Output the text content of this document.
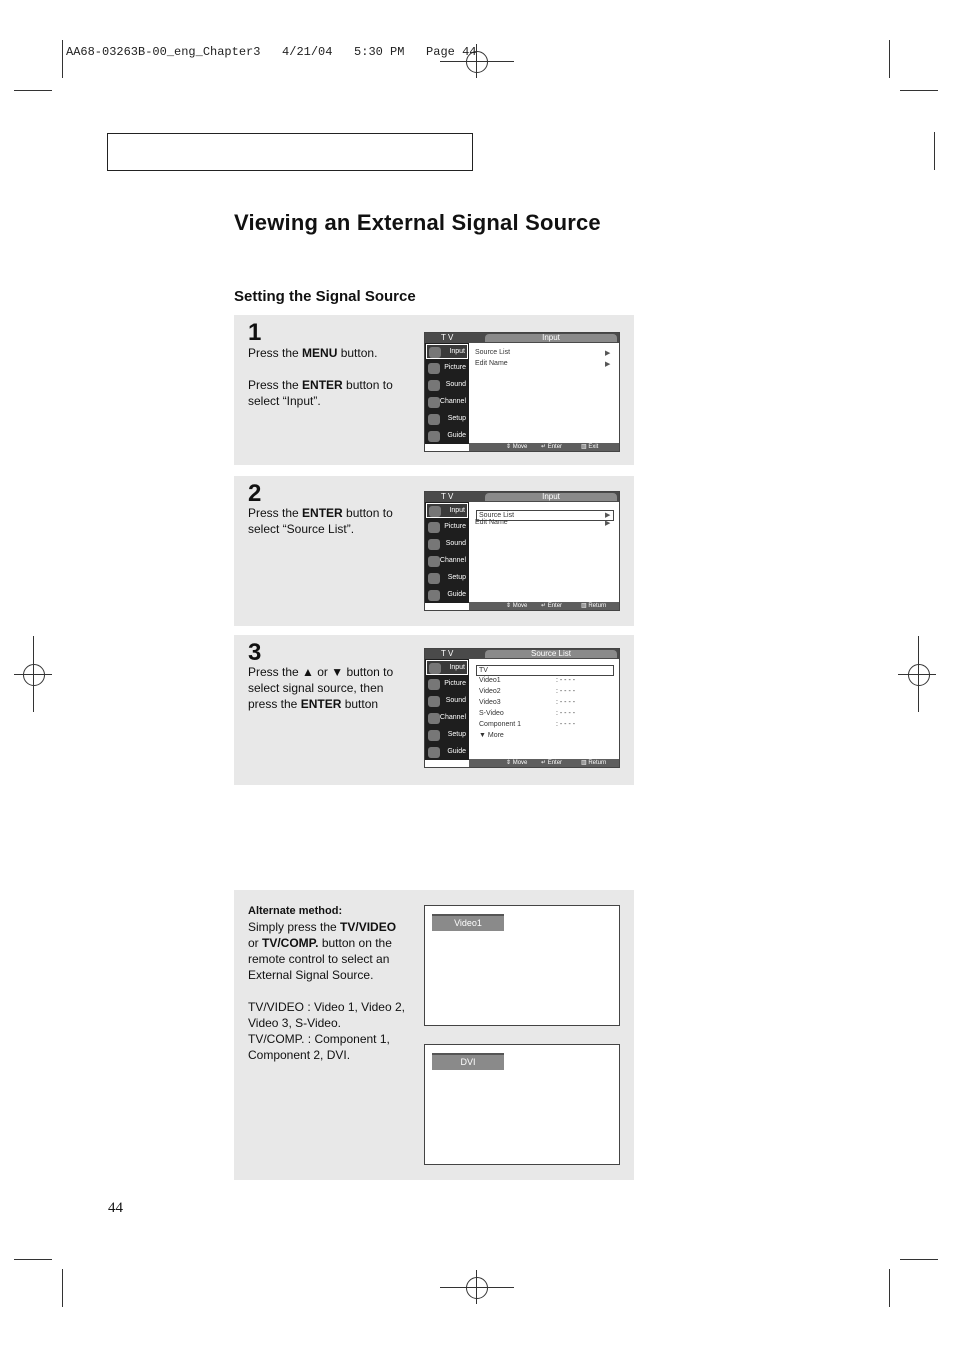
AA68-03263B-00_eng_Chapter3   4/21/04   5:30 PM   Page 44
Viewing an External Signal Source
Setting the Signal Source
1

Press the MENU button.

Press the ENTER button to

select “Input”.

T V	Input
Input
Picture
Sound
Channel
Setup
Guide
Source List	▶
Edit Name	▶
⇕ Move ↵ Enter	▥ Exit
2

Press the ENTER button to

select “Source List”.

T V	Input
Input
Picture
Sound
Channel
Setup
Guide
Source List	▶
Edit Name	▶
⇕ Move ↵ Enter	▥ Return
3

Press the ▲ or ▼ button to

select signal source, then

press the ENTER button

T V	Source List
Input
Picture
Sound
Channel
Setup
Guide
TV
Video1	: - - - -
Video2	: - - - -
Video3	: - - - -
S-Video	: - - - -
Component 1	: - - - -
▼ More
⇕ Move ↵ Enter	▥ Return

Alternate method:

Simply press the TV/VIDEO

or TV/COMP. button on the

remote control to select an

External Signal Source.

TV/VIDEO : Video 1, Video 2,

Video 3, S-Video.

TV/COMP. : Component 1,

Component 2, DVI.

Video1
DVI
44
